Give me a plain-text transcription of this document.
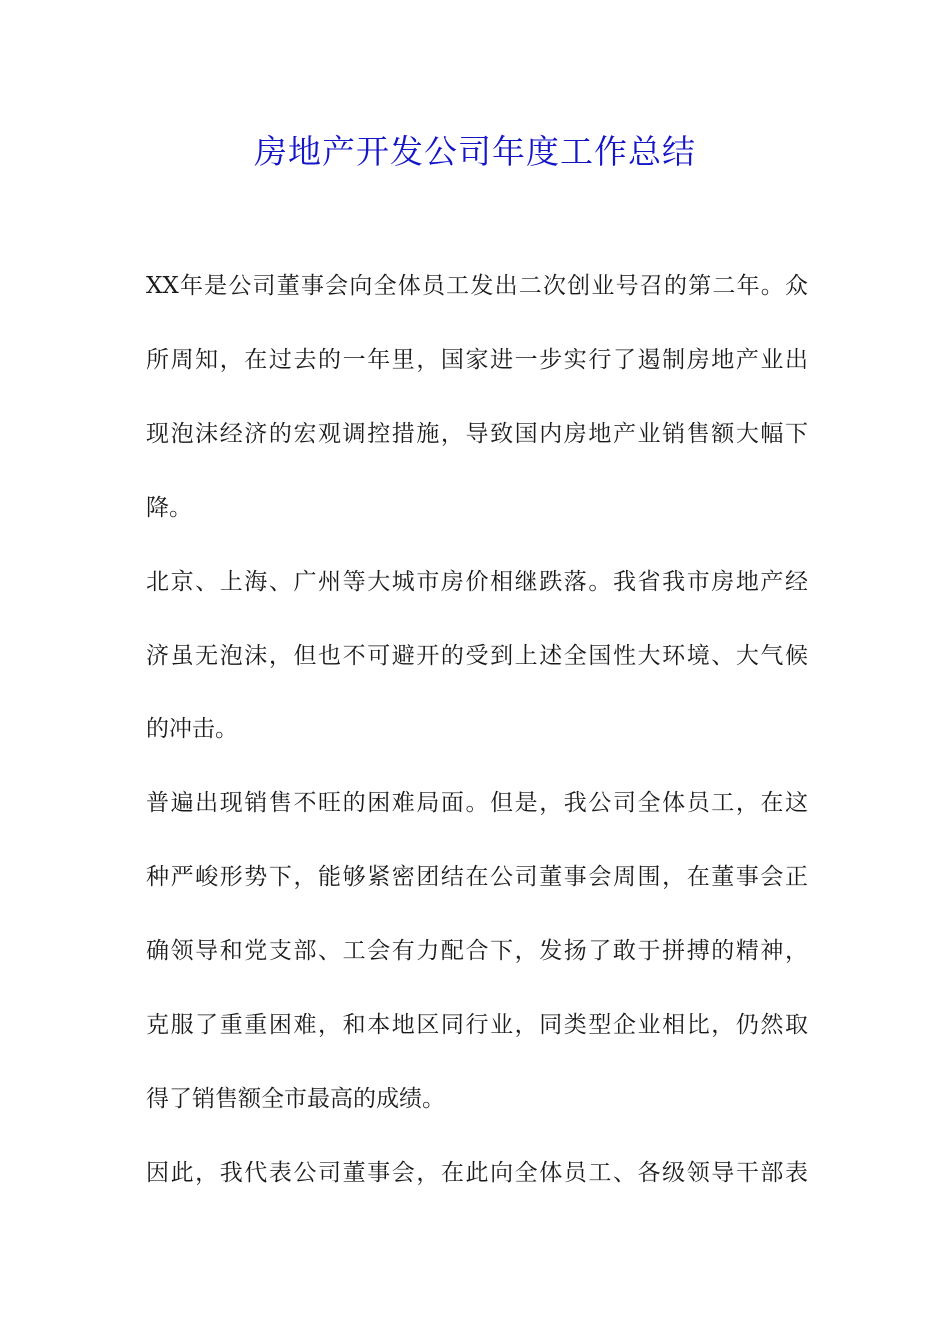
房地产开发公司年度工作总结

XX年是公司董事会向全体员工发出二次创业号召的第二年。众

所周知，在过去的一年里，国家进一步实行了遏制房地产业出

现泡沫经济的宏观调控措施，导致国内房地产业销售额大幅下

降。

北京、上海、广州等大城市房价相继跌落。我省我市房地产经

济虽无泡沫，但也不可避开的受到上述全国性大环境、大气候

的冲击。

普遍出现销售不旺的困难局面。但是，我公司全体员工，在这

种严峻形势下，能够紧密团结在公司董事会周围，在董事会正

确领导和党支部、工会有力配合下，发扬了敢于拼搏的精神，

克服了重重困难，和本地区同行业，同类型企业相比，仍然取

得了销售额全市最高的成绩。

因此，我代表公司董事会，在此向全体员工、各级领导干部表
